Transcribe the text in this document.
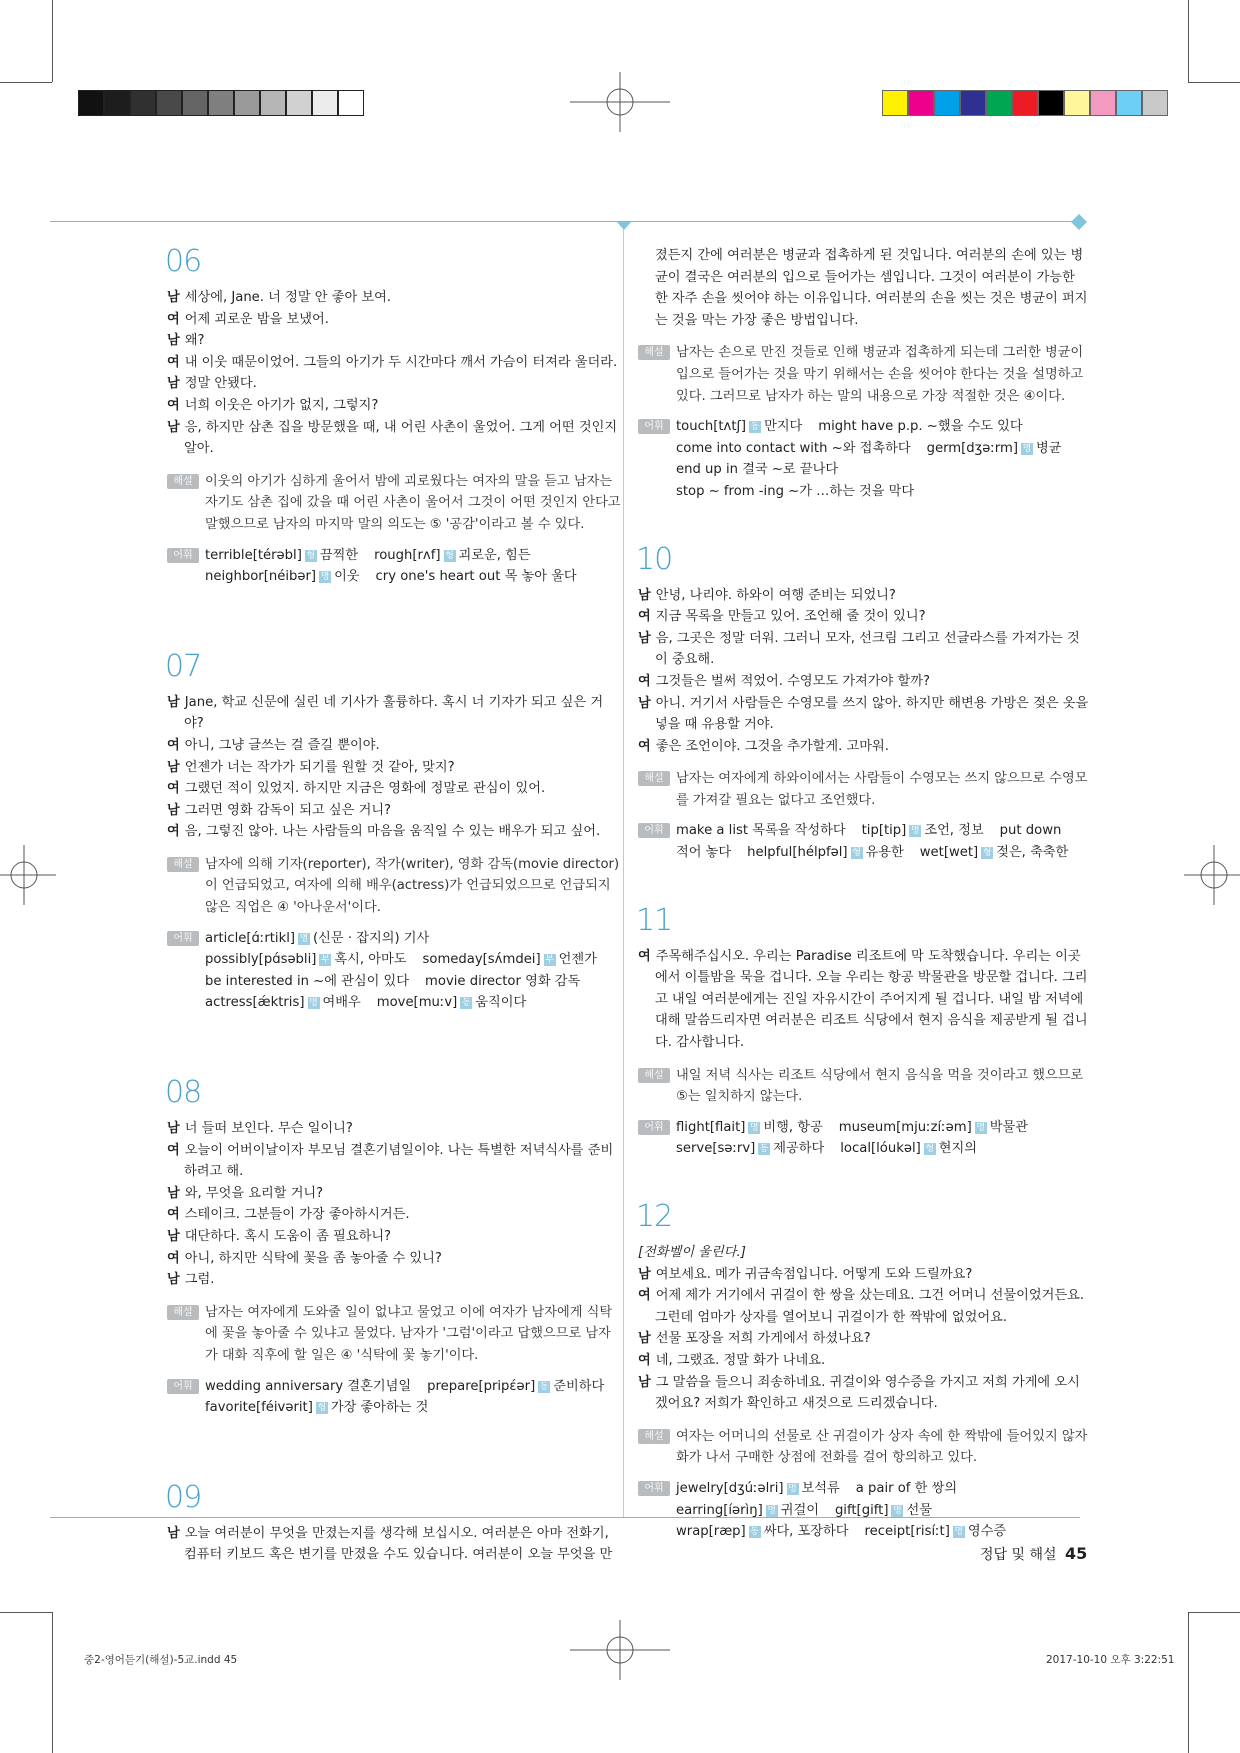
06
남 세상에, Jane. 너 정말 안 좋아 보여.
여 어제 괴로운 밤을 보냈어.
남 왜?
여 내 이웃 때문이었어. 그들의 아기가 두 시간마다 깨서 가슴이 터져라 울더라.
남 정말 안됐다.
여 너희 이웃은 아기가 없지, 그렇지?
남 응, 하지만 삼촌 집을 방문했을 때, 내 어린 사촌이 울었어. 그게 어떤 것인지 알아.
해설 이웃의 아기가 심하게 울어서 밤에 괴로웠다는 여자의 말을 듣고 남자는 자기도 삼촌 집에 갔을 때 어린 사촌이 울어서 그것이 어떤 것인지 안다고 말했으므로 남자의 마지막 말의 의도는 ⑤ '공감'이라고 볼 수 있다.
어휘 terrible[térəbl] 형 끔찍한 rough[rʌf] 형 괴로운, 힘든
neighbor[néibər] 명 이웃 cry one's heart out 목 놓아 울다
07
남 Jane, 학교 신문에 실린 네 기사가 훌륭하다. 혹시 너 기자가 되고 싶은 거야?
여 아니, 그냥 글쓰는 걸 즐길 뿐이야.
남 언젠가 너는 작가가 되기를 원할 것 같아, 맞지?
여 그랬던 적이 있었지. 하지만 지금은 영화에 정말로 관심이 있어.
남 그러면 영화 감독이 되고 싶은 거니?
여 음, 그렇진 않아. 나는 사람들의 마음을 움직일 수 있는 배우가 되고 싶어.
해설 남자에 의해 기자(reporter), 작가(writer), 영화 감독(movie director)이 언급되었고, 여자에 의해 배우(actress)가 언급되었으므로 언급되지 않은 직업은 ④ '아나운서'이다.
어휘 article[ɑ́ːrtikl] 명 (신문 · 잡지의) 기사
possibly[pɑ́səbli] 부 혹시, 아마도 someday[sʌ́mdei] 부 언젠가
be interested in ~에 관심이 있다 movie director 영화 감독
actress[ǽktris] 명 여배우 move[muːv] 동 움직이다
08
남 너 들떠 보인다. 무슨 일이니?
여 오늘이 어버이날이자 부모님 결혼기념일이야. 나는 특별한 저녁식사를 준비하려고 해.
남 와, 무엇을 요리할 거니?
여 스테이크. 그분들이 가장 좋아하시거든.
남 대단하다. 혹시 도움이 좀 필요하니?
여 아니, 하지만 식탁에 꽃을 좀 놓아줄 수 있니?
남 그럼.
해설 남자는 여자에게 도와줄 일이 없냐고 물었고 이에 여자가 남자에게 식탁에 꽃을 놓아줄 수 있냐고 물었다. 남자가 '그럼'이라고 답했으므로 남자가 대화 직후에 할 일은 ④ '식탁에 꽃 놓기'이다.
어휘 wedding anniversary 결혼기념일 prepare[pripέər] 동 준비하다
favorite[féivərit] 형 가장 좋아하는 것
09
남 오늘 여러분이 무엇을 만졌는지를 생각해 보십시오. 여러분은 아마 전화기, 컴퓨터 키보드 혹은 변기를 만졌을 수도 있습니다. 여러분이 오늘 무엇을 만
졌든지 간에 여러분은 병균과 접촉하게 된 것입니다. 여러분의 손에 있는 병균이 결국은 여러분의 입으로 들어가는 셈입니다. 그것이 여러분이 가능한 한 자주 손을 씻어야 하는 이유입니다. 여러분의 손을 씻는 것은 병균이 퍼지는 것을 막는 가장 좋은 방법입니다.
해설 남자는 손으로 만진 것들로 인해 병균과 접촉하게 되는데 그러한 병균이 입으로 들어가는 것을 막기 위해서는 손을 씻어야 한다는 것을 설명하고 있다. 그러므로 남자가 하는 말의 내용으로 가장 적절한 것은 ④이다.
어휘 touch[tʌtʃ] 동 만지다 might have p.p. ~했을 수도 있다
come into contact with ~와 접촉하다 germ[dʒəːrm] 명 병균
end up in 결국 ~로 끝나다
stop ~ from -ing ~가 …하는 것을 막다
10
남 안녕, 나리야. 하와이 여행 준비는 되었니?
여 지금 목록을 만들고 있어. 조언해 줄 것이 있니?
남 음, 그곳은 정말 더워. 그러니 모자, 선크림 그리고 선글라스를 가져가는 것이 중요해.
여 그것들은 벌써 적었어. 수영모도 가져가야 할까?
남 아니. 거기서 사람들은 수영모를 쓰지 않아. 하지만 해변용 가방은 젖은 옷을 넣을 때 유용할 거야.
여 좋은 조언이야. 그것을 추가할게. 고마워.
해설 남자는 여자에게 하와이에서는 사람들이 수영모는 쓰지 않으므로 수영모를 가져갈 필요는 없다고 조언했다.
어휘 make a list 목록을 작성하다 tip[tip] 명 조언, 정보 put down
적어 놓다 helpful[hélpfəl] 형 유용한 wet[wet] 형 젖은, 축축한
11
여 주목해주십시오. 우리는 Paradise 리조트에 막 도착했습니다. 우리는 이곳에서 이틀밤을 묵을 겁니다. 오늘 우리는 항공 박물관을 방문할 겁니다. 그리고 내일 여러분에게는 진일 자유시간이 주어지게 될 겁니다. 내일 밤 저녁에 대해 말씀드리자면 여러분은 리조트 식당에서 현지 음식을 제공받게 될 겁니다. 감사합니다.
해설 내일 저녁 식사는 리조트 식당에서 현지 음식을 먹을 것이라고 했으므로 ⑤는 일치하지 않는다.
어휘 flight[flait] 명 비행, 항공 museum[mjuːzíːəm] 명 박물관
serve[səːrv] 동 제공하다 local[lóukəl] 형 현지의
12
[전화벨이 울린다.]
남 여보세요. 메가 귀금속점입니다. 어떻게 도와 드릴까요?
여 어제 제가 거기에서 귀걸이 한 쌍을 샀는데요. 그건 어머니 선물이었거든요. 그런데 엄마가 상자를 열어보니 귀걸이가 한 짝밖에 없었어요.
남 선물 포장을 저희 가게에서 하셨나요?
여 네, 그랬죠. 정말 화가 나네요.
남 그 말씀을 들으니 죄송하네요. 귀걸이와 영수증을 가지고 저희 가게에 오시겠어요? 저희가 확인하고 새것으로 드리겠습니다.
해설 여자는 어머니의 선물로 산 귀걸이가 상자 속에 한 짝밖에 들어있지 않자 화가 나서 구매한 상점에 전화를 걸어 항의하고 있다.
어휘 jewelry[dʒúːəlri] 명 보석류 a pair of 한 쌍의
earring[íərìŋ] 명 귀걸이 gift[gift] 명 선물
wrap[ræp] 동 싸다, 포장하다 receipt[risíːt] 명 영수증
정답 및 해설 45
중2-영어듣기(해설)-5교.indd 45	2017-10-10 오후 3:22:51
